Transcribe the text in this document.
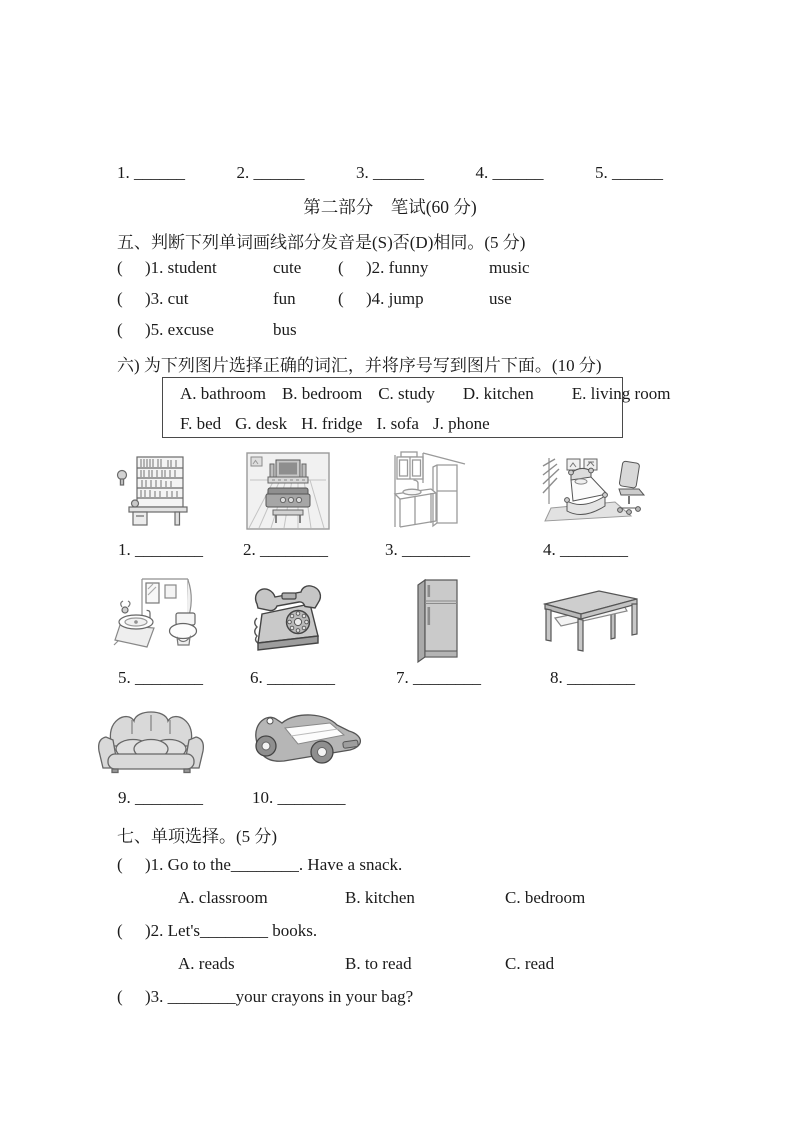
1. ______	2. ______	3. ______	4. ______	5. ______
第二部分　笔试(60 分)
五、判断下列单词画线部分发音是(S)否(D)相同。(5 分)
(	)1. student	cute	(	)2. funny	music
(	)3. cut	fun	(	)4. jump	use
(	)5. excuse	bus
六) 为下列图片选择正确的词汇，并将序号写到图片下面。(10 分)
A. bathroom B. bedroom C. study D. kitchen E. living room
F. bed G. desk H. fridge I. sofa J. phone
1. ________ 2. ________	3. ________	4. ________
5. ________	6. ________	7. ________	8. ________
9. ________	10. ________
七、单项选择。(5 分)
( )1. Go to the________. Have a snack.
A. classroom	B. kitchen	C. bedroom
( )2. Let's________ books.
A. reads	B. to read	C. read
( )3. ________your crayons in your bag?
